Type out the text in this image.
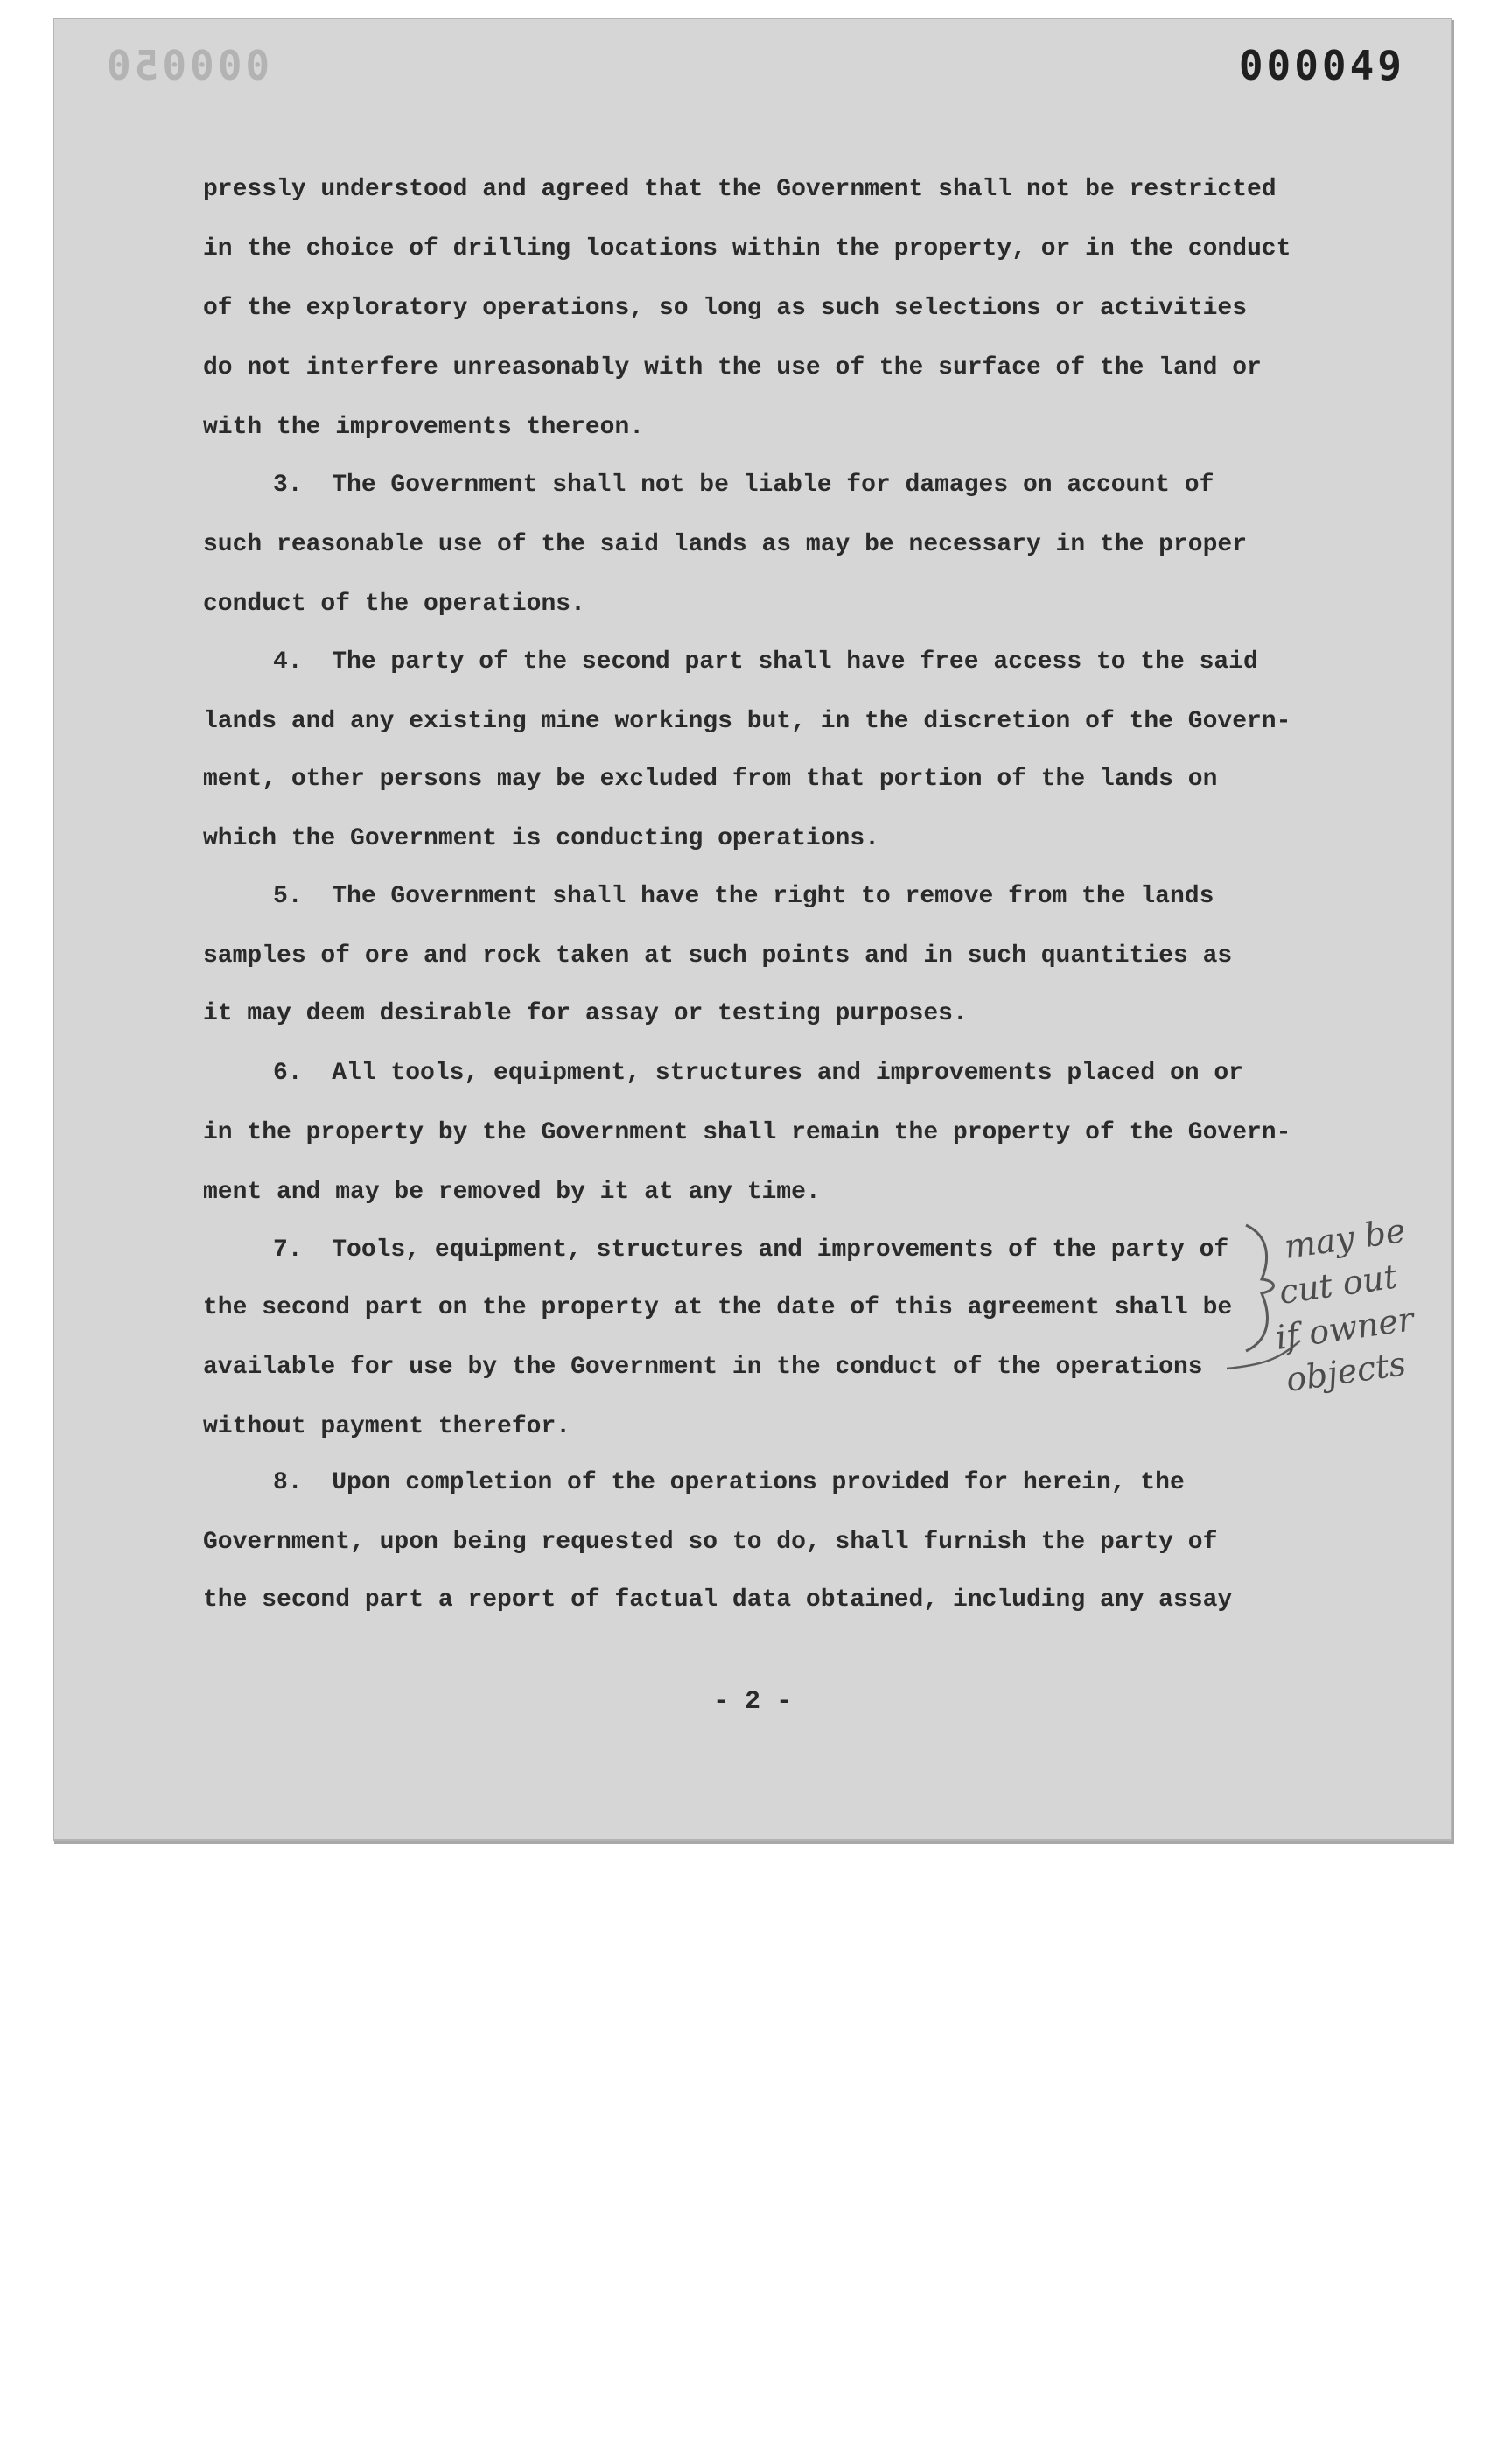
000050	000049
pressly understood and agreed that the Government shall not be restricted
in the choice of drilling locations within the property, or in the conduct
of the exploratory operations, so long as such selections or activities
do not interfere unreasonably with the use of the surface of the land or
with the improvements thereon.
3.  The Government shall not be liable for damages on account of
such reasonable use of the said lands as may be necessary in the proper
conduct of the operations.
4.  The party of the second part shall have free access to the said
lands and any existing mine workings but, in the discretion of the Govern-
ment, other persons may be excluded from that portion of the lands on
which the Government is conducting operations.
5.  The Government shall have the right to remove from the lands
samples of ore and rock taken at such points and in such quantities as
it may deem desirable for assay or testing purposes.
6.  All tools, equipment, structures and improvements placed on or
in the property by the Government shall remain the property of the Govern-
ment and may be removed by it at any time.
7.  Tools, equipment, structures and improvements of the party of
the second part on the property at the date of this agreement shall be
available for use by the Government in the conduct of the operations
without payment therefor.
8.  Upon completion of the operations provided for herein, the
Government, upon being requested so to do, shall furnish the party of
the second part a report of factual data obtained, including any assay
- 2 -
may be
cut out
if owner
objects
